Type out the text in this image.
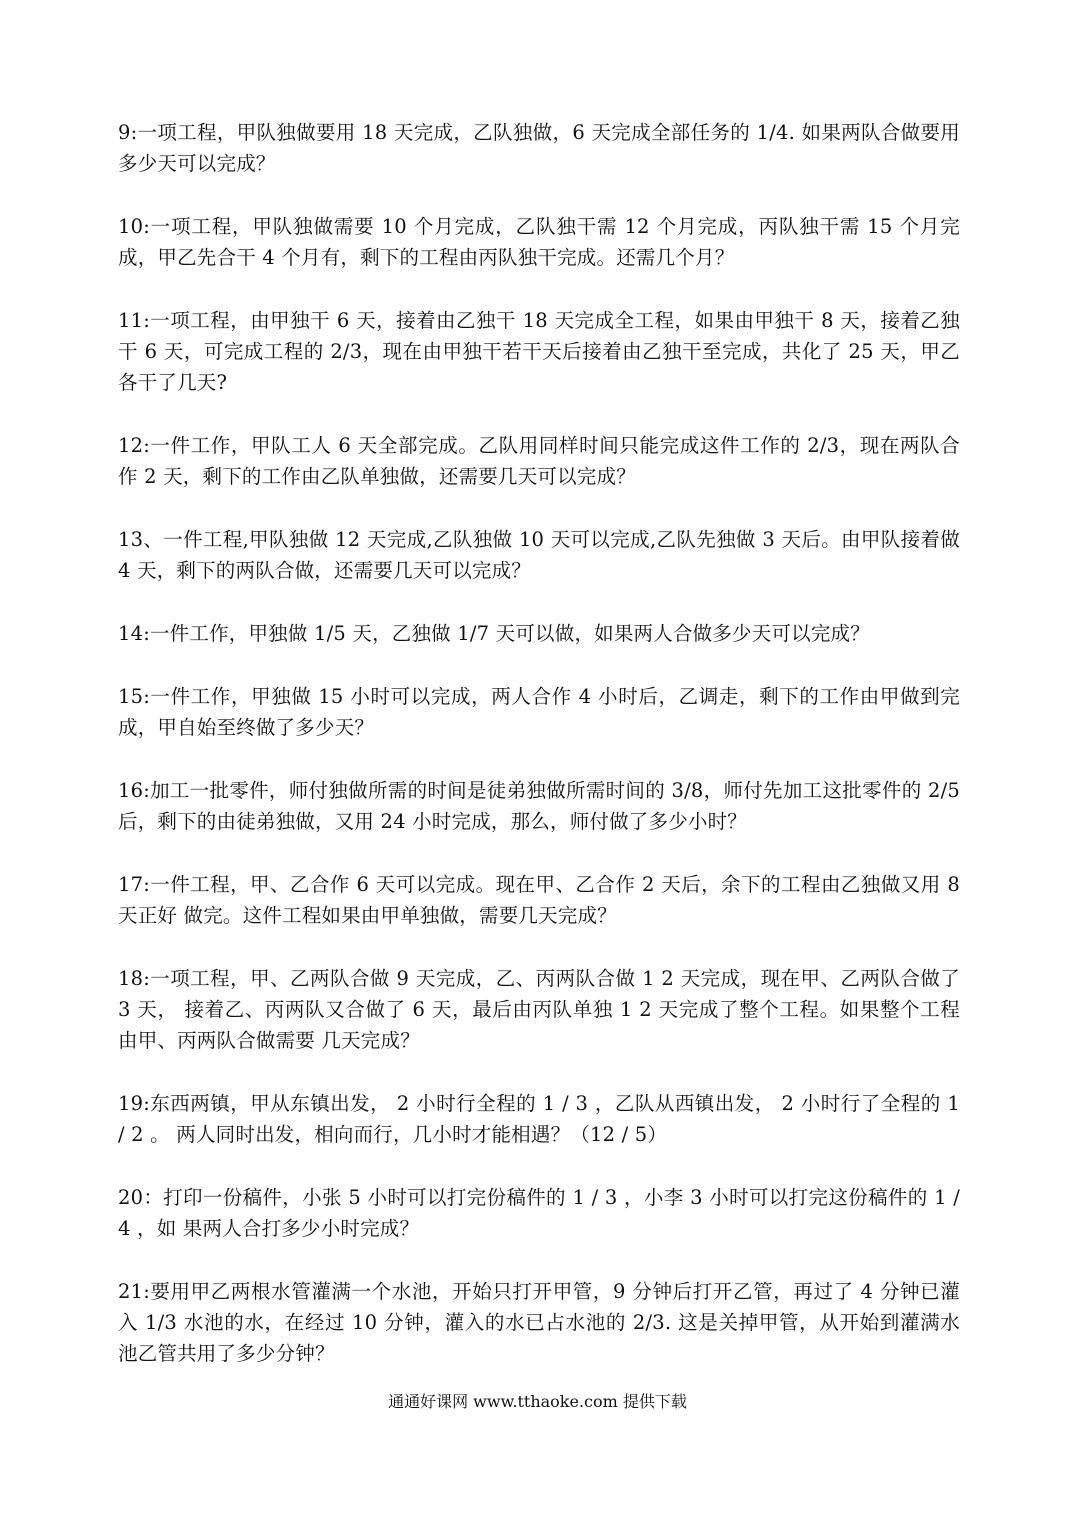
9:一项工程，甲队独做要用 18 天完成，乙队独做，6 天完成全部任务的 1/4. 如果两队合做要用多少天可以完成？

10:一项工程，甲队独做需要 10 个月完成，乙队独干需 12 个月完成，丙队独干需 15 个月完成，甲乙先合干 4 个月有，剩下的工程由丙队独干完成。还需几个月？

11:一项工程，由甲独干 6 天，接着由乙独干 18 天完成全工程，如果由甲独干 8 天，接着乙独干 6 天，可完成工程的 2/3，现在由甲独干若干天后接着由乙独干至完成，共化了 25 天，甲乙各干了几天?

12:一件工作，甲队工人 6 天全部完成。乙队用同样时间只能完成这件工作的 2/3，现在两队合作 2 天，剩下的工作由乙队单独做，还需要几天可以完成？

13、一件工程,甲队独做 12 天完成,乙队独做 10 天可以完成,乙队先独做 3 天后。由甲队接着做 4 天，剩下的两队合做，还需要几天可以完成？

14:一件工作，甲独做 1/5 天，乙独做 1/7 天可以做，如果两人合做多少天可以完成？

15:一件工作，甲独做 15 小时可以完成，两人合作 4 小时后，乙调走，剩下的工作由甲做到完成，甲自始至终做了多少天？

16:加工一批零件，师付独做所需的时间是徒弟独做所需时间的 3/8，师付先加工这批零件的 2/5 后，剩下的由徒弟独做，又用 24 小时完成，那么，师付做了多少小时？

17:一件工程，甲、乙合作 6 天可以完成。现在甲、乙合作 2 天后，余下的工程由乙独做又用 8 天正好 做完。这件工程如果由甲单独做，需要几天完成？

18:一项工程，甲、乙两队合做 9 天完成，乙、丙两队合做 1 2 天完成，现在甲、乙两队合做了 3 天， 接着乙、丙两队又合做了 6 天，最后由丙队单独 1 2 天完成了整个工程。如果整个工程由甲、丙两队合做需要 几天完成？

19:东西两镇，甲从东镇出发， 2 小时行全程的 1 / 3 ，乙队从西镇出发， 2 小时行了全程的 1 / 2 。 两人同时出发，相向而行，几小时才能相遇？（12 / 5）

20：打印一份稿件，小张 5 小时可以打完份稿件的 1 / 3 ，小李 3 小时可以打完这份稿件的 1 / 4 ，如 果两人合打多少小时完成？

21:要用甲乙两根水管灌满一个水池，开始只打开甲管，9 分钟后打开乙管，再过了 4 分钟已灌入 1/3 水池的水，在经过 10 分钟，灌入的水已占水池的 2/3. 这是关掉甲管，从开始到灌满水池乙管共用了多少分钟？

通通好课网 www.tthaoke.com 提供下载
